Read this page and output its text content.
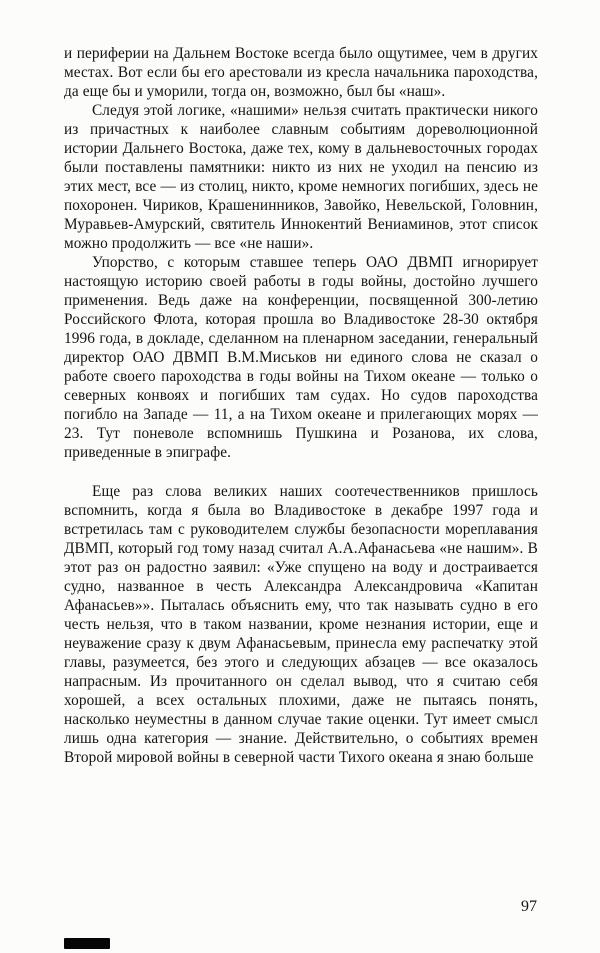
и периферии на Дальнем Востоке всегда было ощутимее, чем в других местах. Вот если бы его арестовали из кресла начальника пароходства, да еще бы и уморили, тогда он, возможно, был бы «наш».

Следуя этой логике, «нашими» нельзя считать практически никого из причастных к наиболее славным событиям дореволюционной истории Дальнего Востока, даже тех, кому в дальневосточных городах были поставлены памятники: никто из них не уходил на пенсию из этих мест, все — из столиц, никто, кроме немногих погибших, здесь не похоронен. Чириков, Крашенинников, Завойко, Невельской, Головнин, Муравьев-Амурский, святитель Иннокентий Вениаминов, этот список можно продолжить — все «не наши».

Упорство, с которым ставшее теперь ОАО ДВМП игнорирует настоящую историю своей работы в годы войны, достойно лучшего применения. Ведь даже на конференции, посвященной 300-летию Российского Флота, которая прошла во Владивостоке 28-30 октября 1996 года, в докладе, сделанном на пленарном заседании, генеральный директор ОАО ДВМП В.М.Миськов ни единого слова не сказал о работе своего пароходства в годы войны на Тихом океане — только о северных конвоях и погибших там судах. Но судов пароходства погибло на Западе — 11, а на Тихом океане и прилегающих морях — 23. Тут поневоле вспомнишь Пушкина и Розанова, их слова, приведенные в эпиграфе.

Еще раз слова великих наших соотечественников пришлось вспомнить, когда я была во Владивостоке в декабре 1997 года и встретилась там с руководителем службы безопасности мореплавания ДВМП, который год тому назад считал А.А.Афанасьева «не нашим». В этот раз он радостно заявил: «Уже спущено на воду и достраивается судно, названное в честь Александра Александровича «Капитан Афанасьев»». Пыталась объяснить ему, что так называть судно в его честь нельзя, что в таком названии, кроме незнания истории, еще и неуважение сразу к двум Афанасьевым, принесла ему распечатку этой главы, разумеется, без этого и следующих абзацев — все оказалось напрасным. Из прочитанного он сделал вывод, что я считаю себя хорошей, а всех остальных плохими, даже не пытаясь понять, насколько неуместны в данном случае такие оценки. Тут имеет смысл лишь одна категория — знание. Действительно, о событиях времен Второй мировой войны в северной части Тихого океана я знаю больше

97
